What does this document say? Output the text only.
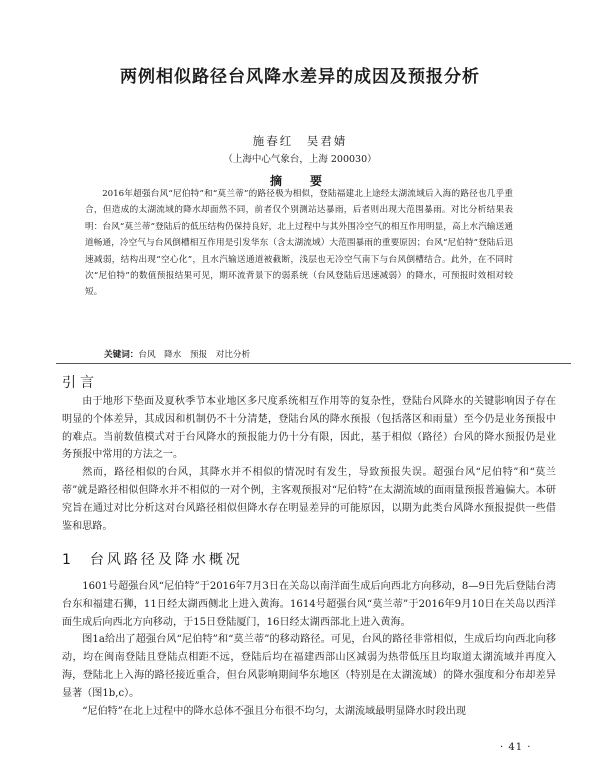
两例相似路径台风降水差异的成因及预报分析
施春红　吴君婧
（上海中心气象台，上海 200030）
摘　要

2016年超强台风“尼伯特”和“莫兰蒂”的路径极为相似，登陆福建北上途经太湖流域后入海的路径也几乎重合，但造成的太湖流域的降水却面然不同，前者仅个别测站达暴雨，后者则出现大范围暴雨。对比分析结果表明：台风“莫兰蒂”登陆后的低压结构仍保持良好，北上过程中与其外围冷空气的相互作用明显，高上水汽输送通道畅通，冷空气与台风倒槽相互作用是引发华东（含太湖流域）大范围暴雨的重要原因；台风“尼伯特”登陆后迅速减弱，结构出现“空心化”，且水汽输送通道被截断，浅层也无冷空气南下与台风倒槽结合。此外，在不同时次“尼伯特”的数值预报结果可见，期环流背景下的弱系统（台风登陆后迅速减弱）的降水，可预报时效相对较短。

关键词：台风　降水　预报　对比分析
引言

由于地形下垫面及夏秋季节本业地区多尺度系统相互作用等的复杂性，登陆台风降水的关键影响因子存在明显的个体差异，其成因和机制仍不十分清楚，登陆台风的降水预报（包括落区和雨量）至今仍是业务预报中的难点。当前数值模式对于台风降水的预报能力仍十分有限，因此，基于相似（路径）台风的降水预报仍是业务预报中常用的方法之一。

然而，路径相似的台风，其降水并不相似的情况时有发生，导致预报失误。超强台风“尼伯特”和“莫兰蒂”就是路径相似但降水并不相似的一对个例，主客观预报对“尼伯特”在太湖流域的面雨量预报普遍偏大。本研究旨在通过对比分析这对台风路径相似但降水存在明显差异的可能原因，以期为此类台风降水预报提供一些借鉴和思路。

1 台风路径及降水概况

1601号超强台风“尼伯特”于2016年7月3日在关岛以南洋面生成后向西北方向移动，8—9日先后登陆台湾台东和福建石狮，11日经太湖西侧北上进入黄海。1614号超强台风“莫兰蒂”于2016年9月10日在关岛以西洋面生成后向西北方向移动，于15日登陆厦门，16日经太湖西部北上进入黄海。

图1a给出了超强台风“尼伯特”和“莫兰蒂”的移动路径。可见，台风的路径非常相似，生成后均向西北向移动，均在闽南登陆且登陆点相距不远，登陆后均在福建西部山区减弱为热带低压且均取道太湖流域并再度入海，登陆北上入海的路径接近重合，但台风影响期间华东地区（特别是在太湖流域）的降水强度和分布却差异显著（图1b,c）。

“尼伯特”在北上过程中的降水总体不强且分布很不均匀，太湖流域最明显降水时段出现

· 41 ·
